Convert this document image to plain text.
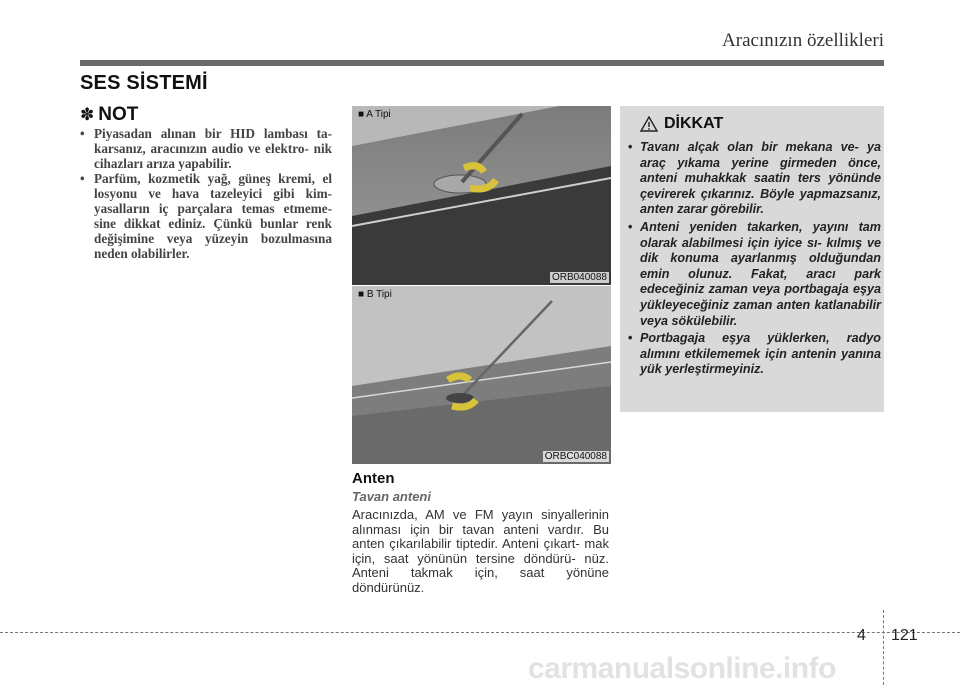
Aracınızın özellikleri
SES SİSTEMİ
✽ NOT
• Piyasadan alınan bir HID lambası ta- karsanız, aracınızın audio ve elektro- nik cihazları arıza yapabilir.
• Parfüm, kozmetik yağ, güneş kremi, el losyonu ve hava tazeleyici gibi kim- yasalların iç parçalara temas etmeme- sine dikkat ediniz. Çünkü bunlar renk değişimine veya yüzeyin bozulmasına neden olabilirler.
■ A Tipi
ORB040088
■ B Tipi
ORBC040088
Anten
Tavan anteni

Aracınızda, AM ve FM yayın sinyallerinin alınması için bir tavan anteni vardır. Bu anten çıkarılabilir tiptedir. Anteni çıkart- mak için, saat yönünün tersine döndürü- nüz. Anteni takmak için, saat yönüne döndürünüz.

DİKKAT
• Tavanı alçak olan bir mekana ve- ya araç yıkama yerine girmeden önce, anteni muhakkak saatin ters yönünde çevirerek çıkarınız. Böyle yapmazsanız, anten zarar görebilir.
• Anteni yeniden takarken, yayını tam olarak alabilmesi için iyice sı- kılmış ve dik konuma ayarlanmış olduğundan emin olunuz. Fakat, aracı park edeceğiniz zaman veya portbagaja eşya yükleyeceğiniz zaman anten katlanabilir veya sökülebilir.
• Portbagaja eşya yüklerken, radyo alımını etkilememek için antenin yanına yük yerleştirmeyiniz.
4 121
carmanualsonline.info
